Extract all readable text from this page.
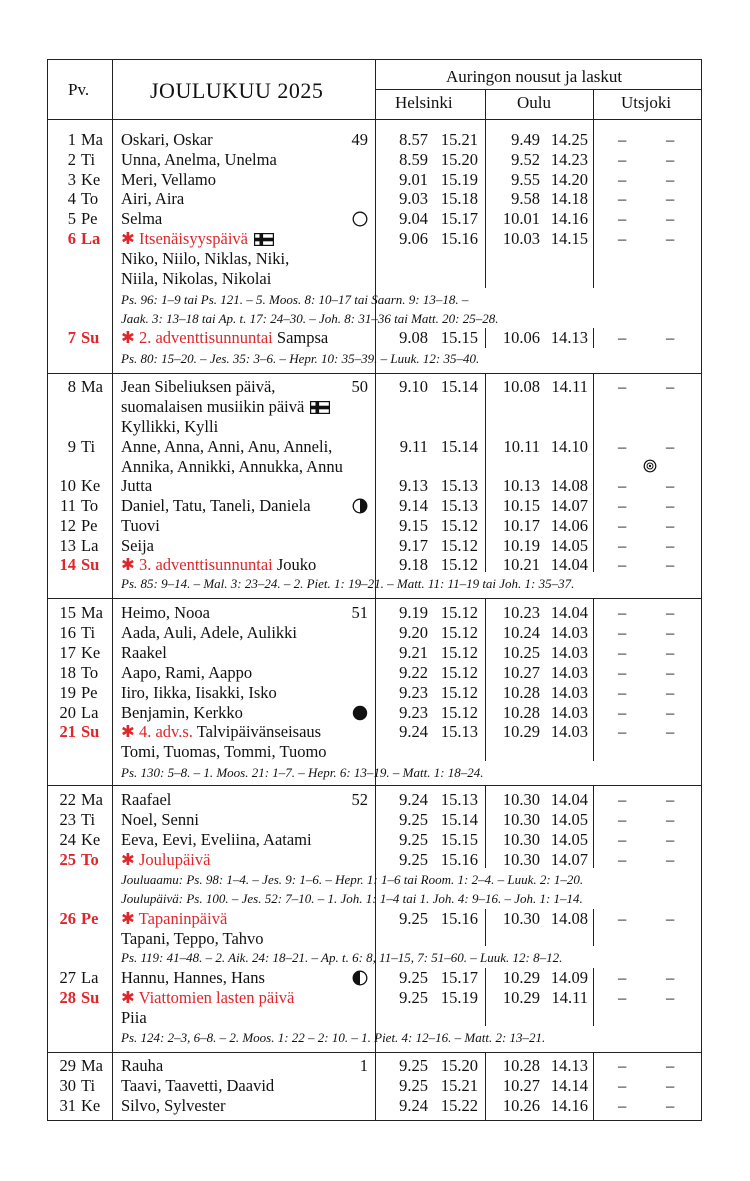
Pv.	JOULUKUU 2025
Auringon nousut ja laskut
Helsinki	Oulu	Utsjoki
1 Ma Oskari, Oskar	49	8.57 15.21	9.49 14.25 – –
2 Ti Unna, Anelma, Unelma	8.59 15.20	9.52 14.23 – –
3 Ke Meri, Vellamo	9.01 15.19	9.55 14.20 – –
4 To Airi, Aira	9.03 15.18	9.58 14.18 – –
5 Pe Selma	9.04 15.17	10.01 14.16 – –
6 La ✱ Itsenäisyyspäivä	9.06 15.16	10.03 14.15 – –
Niko, Niilo, Niklas, Niki,
Niila, Nikolas, Nikolai
7 Su ✱ 2. adventtisunnuntai Sampsa	9.08 15.15	10.06 14.13 – –
8 Ma Jean Sibeliuksen päivä,	50	9.10 15.14	10.08 14.11 – –
suomalaisen musiikin päivä
Kyllikki, Kylli
9 Ti Anne, Anna, Anni, Anu, Anneli,	9.11 15.14	10.11 14.10 – –
Annika, Annikki, Annukka, Annu
10 Ke Jutta	9.13 15.13	10.13 14.08 – –
11 To Daniel, Tatu, Taneli, Daniela	9.14 15.13	10.15 14.07 – –
12 Pe Tuovi	9.15 15.12	10.17 14.06 – –
13 La Seija	9.17 15.12	10.19 14.05 – –
14 Su ✱ 3. adventtisunnuntai Jouko	9.18 15.12	10.21 14.04 – –
15 Ma Heimo, Nooa	51	9.19 15.12	10.23 14.04 – –
16 Ti Aada, Auli, Adele, Aulikki	9.20 15.12	10.24 14.03 – –
17 Ke Raakel	9.21 15.12	10.25 14.03 – –
18 To Aapo, Rami, Aappo	9.22 15.12	10.27 14.03 – –
19 Pe Iiro, Iikka, Iisakki, Isko	9.23 15.12	10.28 14.03 – –
20 La Benjamin, Kerkko	9.23 15.12	10.28 14.03 – –
21 Su ✱ 4. adv.s. Talvipäivänseisaus	9.24 15.13	10.29 14.03 – –
Tomi, Tuomas, Tommi, Tuomo
22 Ma Raafael	52	9.24 15.13	10.30 14.04 – –
23 Ti Noel, Senni	9.25 15.14	10.30 14.05 – –
24 Ke Eeva, Eevi, Eveliina, Aatami	9.25 15.15	10.30 14.05 – –
25 To ✱ Joulupäivä	9.25 15.16	10.30 14.07 – –
26 Pe ✱ Tapaninpäivä	9.25 15.16	10.30 14.08 – –
Tapani, Teppo, Tahvo
27 La Hannu, Hannes, Hans	9.25 15.17	10.29 14.09 – –
28 Su ✱ Viattomien lasten päivä	9.25 15.19	10.29 14.11 – –
Piia
29 Ma Rauha	1	9.25 15.20	10.28 14.13 – –
30 Ti Taavi, Taavetti, Daavid	9.25 15.21	10.27 14.14 – –
31 Ke Silvo, Sylvester	9.24 15.22	10.26 14.16 – –
Ps. 96: 1–9 tai Ps. 121. – 5. Moos. 8: 10–17 tai Saarn. 9: 13–18. –
Jaak. 3: 13–18 tai Ap. t. 17: 24–30. – Joh. 8: 31–36 tai Matt. 20: 25–28.
Ps. 80: 15–20. – Jes. 35: 3–6. – Hepr. 10: 35–39. – Luuk. 12: 35–40.
Ps. 85: 9–14. – Mal. 3: 23–24. – 2. Piet. 1: 19–21. – Matt. 11: 11–19 tai Joh. 1: 35–37.
Ps. 130: 5–8. – 1. Moos. 21: 1–7. – Hepr. 6: 13–19. – Matt. 1: 18–24.
Jouluaamu: Ps. 98: 1–4. – Jes. 9: 1–6. – Hepr. 1: 1–6 tai Room. 1: 2–4. – Luuk. 2: 1–20.
Joulupäivä: Ps. 100. – Jes. 52: 7–10. – 1. Joh. 1: 1–4 tai 1. Joh. 4: 9–16. – Joh. 1: 1–14.
Ps. 119: 41–48. – 2. Aik. 24: 18–21. – Ap. t. 6: 8, 11–15, 7: 51–60. – Luuk. 12: 8–12.
Ps. 124: 2–3, 6–8. – 2. Moos. 1: 22 – 2: 10. – 1. Piet. 4: 12–16. – Matt. 2: 13–21.
